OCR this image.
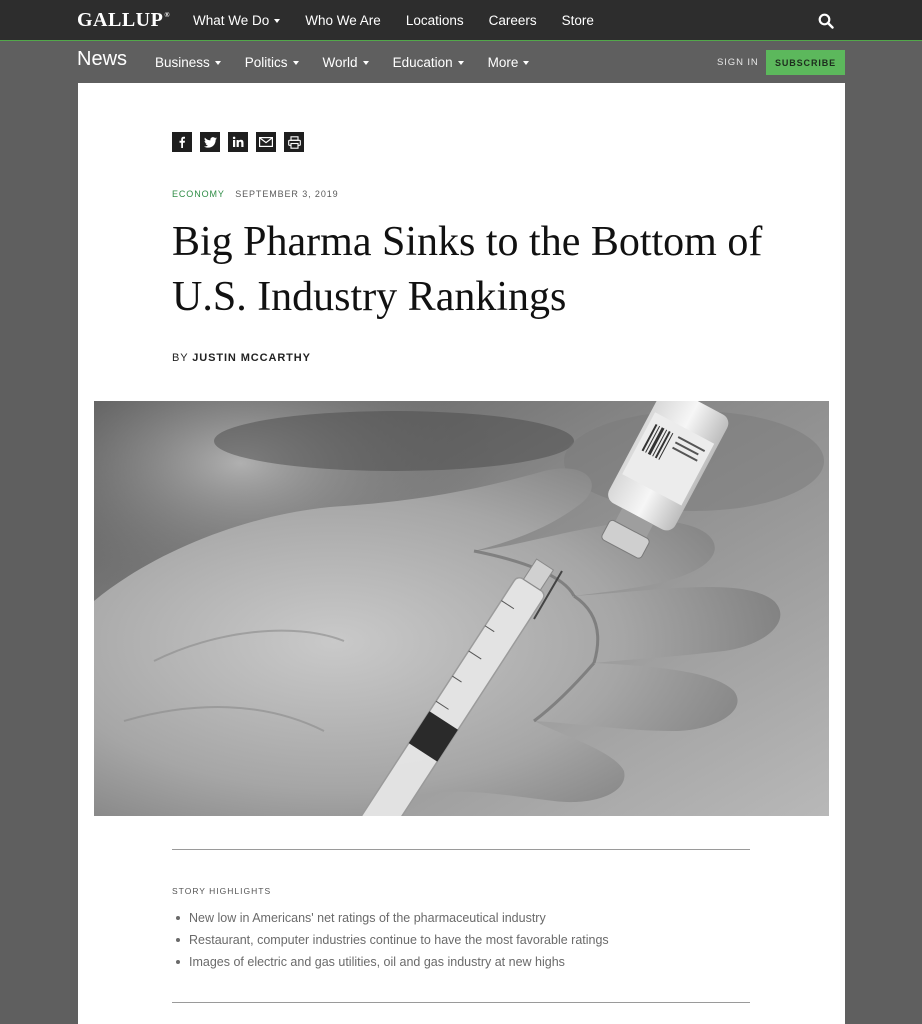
GALLUP® What We Do	Who We Are Locations Careers Store
News Business	Politics	World	Education	More	SIGN IN	SUBSCRIBE
ECONOMY SEPTEMBER 3, 2019
Big Pharma Sinks to the Bottom of U.S. Industry Rankings
BY JUSTIN MCCARTHY
STORY HIGHLIGHTS
New low in Americans' net ratings of the pharmaceutical industry
Restaurant, computer industries continue to have the most favorable ratings
Images of electric and gas utilities, oil and gas industry at new highs
